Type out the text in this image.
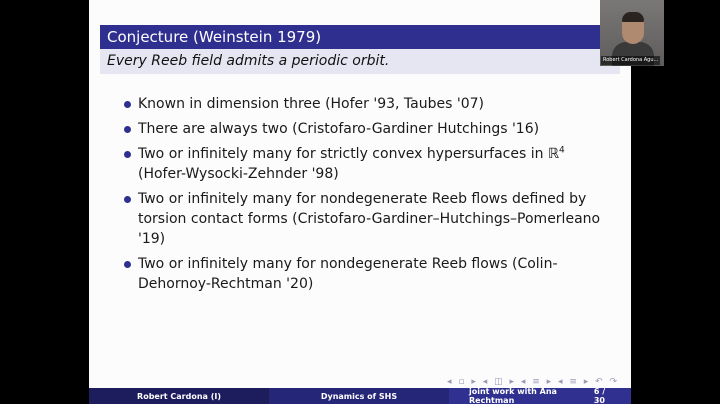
Conjecture (Weinstein 1979)
Every Reeb field admits a periodic orbit.
Known in dimension three (Hofer '93, Taubes '07)
There are always two (Cristofaro-Gardiner Hutchings '16)
Two or infinitely many for strictly convex hypersurfaces in ℝ$^4$
(Hofer-Wysocki-Zehnder '98)
Two or infinitely many for nondegenerate Reeb flows defined by torsion contact forms (Cristofaro-Gardiner–Hutchings–Pomerleano '19)
Two or infinitely many for nondegenerate Reeb flows (Colin-Dehornoy-Rechtman '20)
◂ ▫ ▸ ◂ ◫ ▸ ◂ ≡ ▸ ◂ ≡ ▸ ↶ ↷
Robert Cardona (I)	Dynamics of SHS	joint work with Ana Rechtman
6 / 30
Robert Cardona Agu...
